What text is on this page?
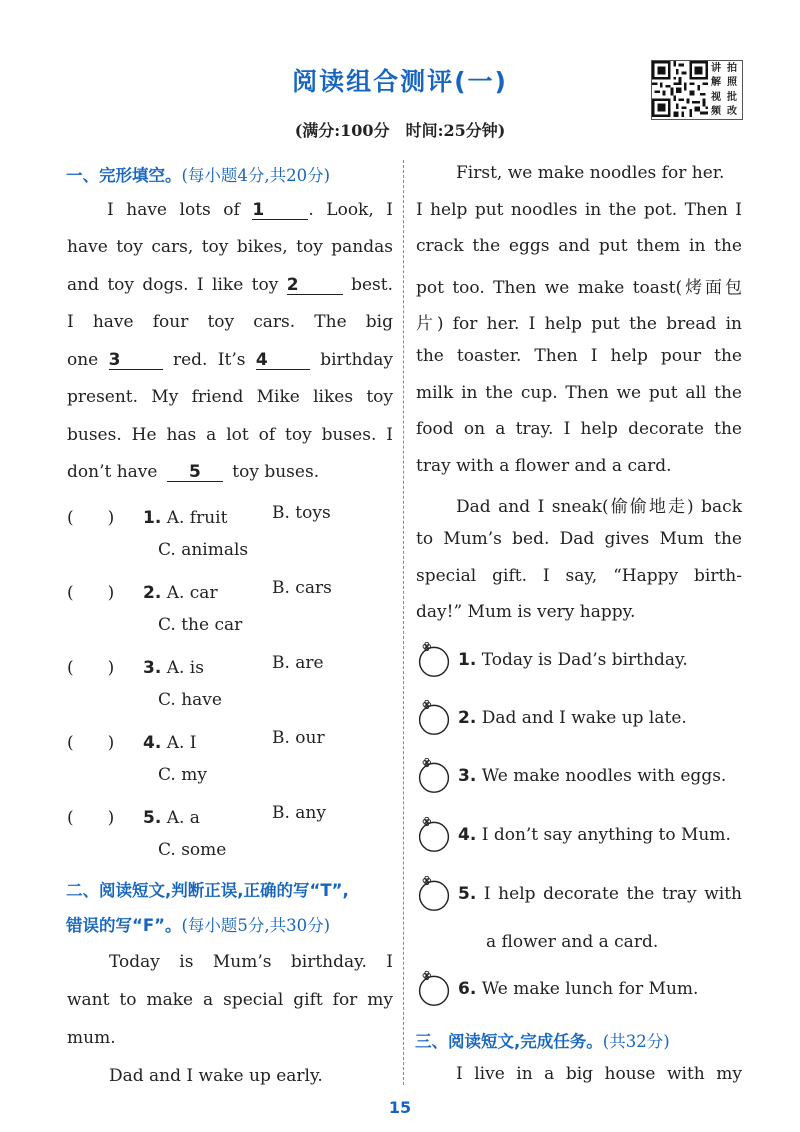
阅读组合测评(一)
(满分:100分　时间:25分钟)
讲 拍
解 照
视 批
频 改
一、完形填空。(每小题4分,共20分)
I have lots of 1	. Look, I
have toy cars, toy bikes, toy pandas
and toy dogs. I like toy 2	best.
I have four toy cars. The big
one 3	red. It’s 4	birthday
present. My friend Mike likes toy
buses. He has a lot of toy buses. I
don’t have 5 toy buses.
(　　) 1. A. fruit	B. toys
C. animals
(　　) 2. A. car	B. cars
C. the car
(　　) 3. A. is	B. are
C. have
(　　) 4. A. I	B. our
C. my
(　　) 5. A. a	B. any
C. some
二、阅读短文,判断正误,正确的写“T”,
错误的写“F”。(每小题5分,共30分)
Today is Mum’s birthday. I
want to make a special gift for my
mum.
Dad and I wake up early.
First, we make noodles for her.
I help put noodles in the pot. Then I
crack the eggs and put them in the
pot too. Then we make toast(烤面包
片) for her. I help put the bread in
the toaster. Then I help pour the
milk in the cup. Then we put all the
food on a tray. I help decorate the
tray with a flower and a card.
Dad and I sneak(偷偷地走) back
to Mum’s bed. Dad gives Mum the
special gift. I say, “Happy birth-
day!” Mum is very happy.
1. Today is Dad’s birthday.
2. Dad and I wake up late.
3. We make noodles with eggs.
4. I don’t say anything to Mum.
5. I help decorate the tray with
a flower and a card.
6. We make lunch for Mum.
三、阅读短文,完成任务。(共32分)
I live in a big house with my
15
